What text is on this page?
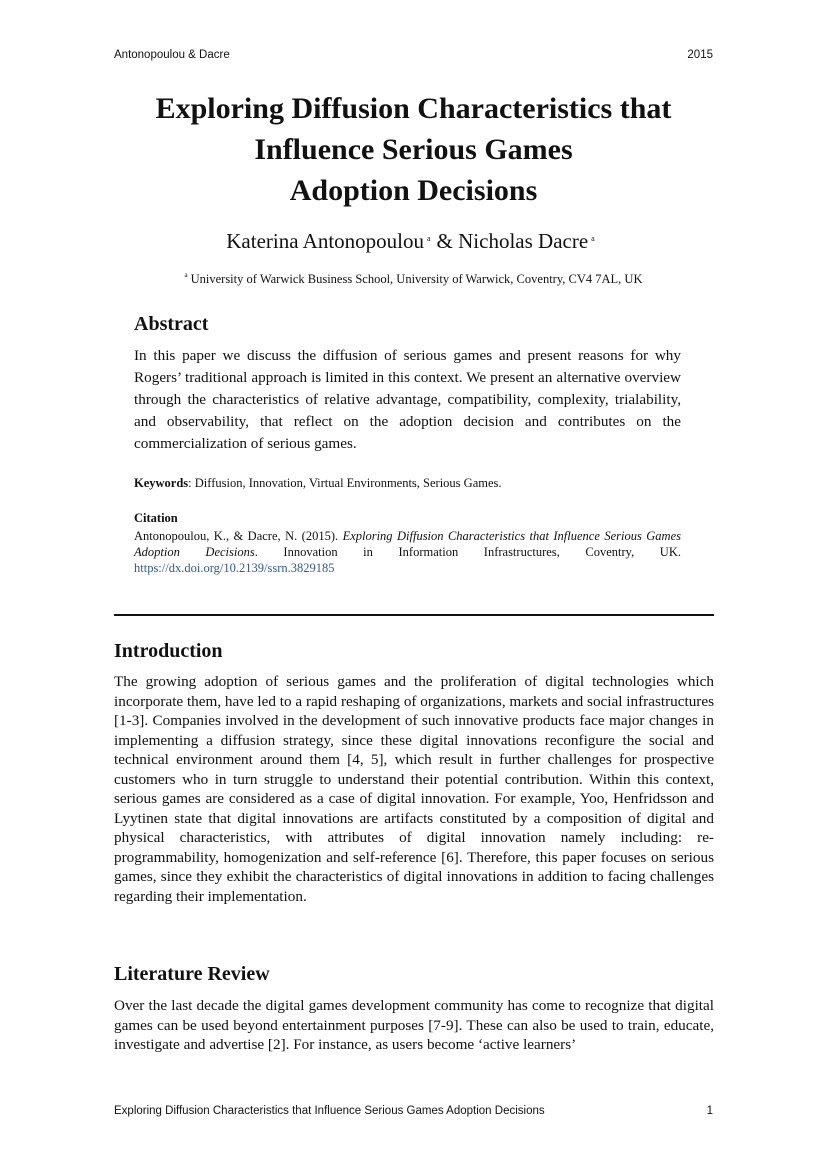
Antonopoulou & Dacre	2015
Exploring Diffusion Characteristics that
Influence Serious Games
Adoption Decisions
Katerina Antonopoulou $^a$ & Nicholas Dacre $^a$
$^a$ University of Warwick Business School, University of Warwick, Coventry, CV4 7AL, UK
Abstract
In this paper we discuss the diffusion of serious games and present reasons for why Rogers’ traditional approach is limited in this context. We present an alternative overview through the characteristics of relative advantage, compatibility, complexity, trialability, and observability, that reflect on the adoption decision and contributes on the commercialization of serious games.
Keywords: Diffusion, Innovation, Virtual Environments, Serious Games.
Citation
Antonopoulou, K., & Dacre, N. (2015). Exploring Diffusion Characteristics that Influence Serious Games Adoption Decisions. Innovation in Information Infrastructures, Coventry, UK. https://dx.doi.org/10.2139/ssrn.3829185
Introduction

The growing adoption of serious games and the proliferation of digital technologies which incorporate them, have led to a rapid reshaping of organizations, markets and social infrastructures [1-3]. Companies involved in the development of such innovative products face major changes in implementing a diffusion strategy, since these digital innovations reconfigure the social and technical environment around them [4, 5], which result in further challenges for prospective customers who in turn struggle to understand their potential contribution. Within this context, serious games are considered as a case of digital innovation. For example, Yoo, Henfridsson and Lyytinen state that digital innovations are artifacts constituted by a composition of digital and physical characteristics, with attributes of digital innovation namely including: re-programmability, homogenization and self-reference [6]. Therefore, this paper focuses on serious games, since they exhibit the characteristics of digital innovations in addition to facing challenges regarding their implementation.

Literature Review

Over the last decade the digital games development community has come to recognize that digital games can be used beyond entertainment purposes [7-9]. These can also be used to train, educate, investigate and advertise [2]. For instance, as users become ‘active learners’

Exploring Diffusion Characteristics that Influence Serious Games Adoption Decisions	1
